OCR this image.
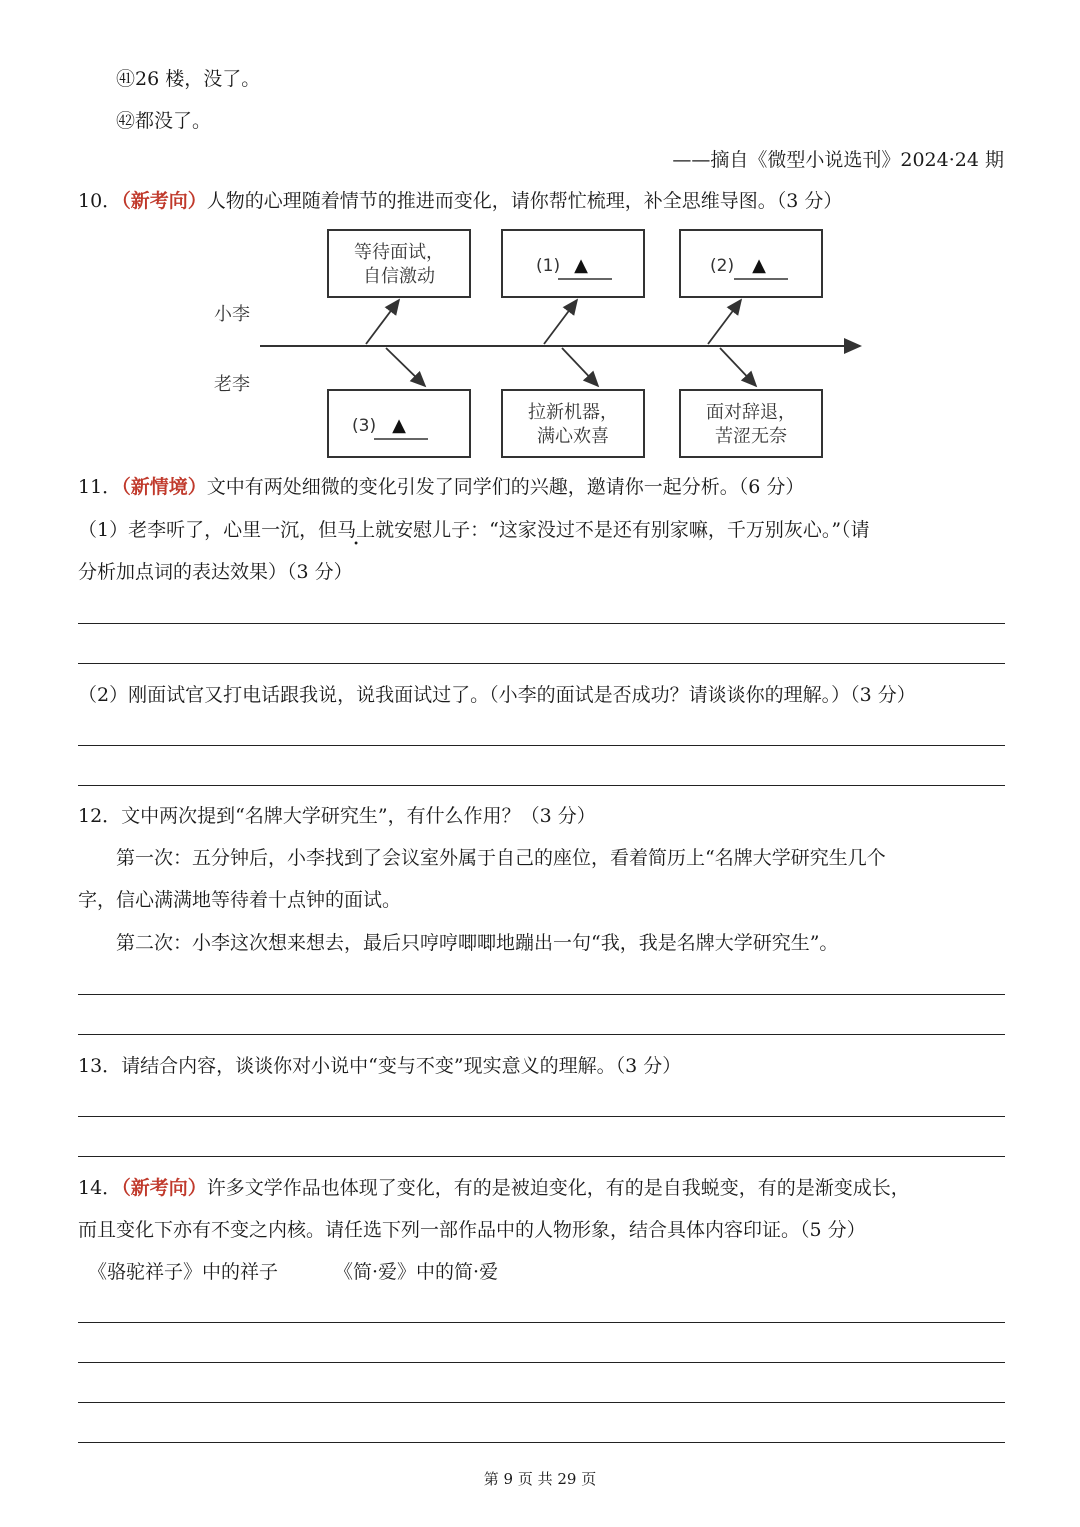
㊶26 楼，没了。
㊷都没了。
——摘自《微型小说选刊》2024·24 期
10．（新考向）人物的心理随着情节的推进而变化，请你帮忙梳理，补全思维导图。（3 分）
小李
老李
等待面试，
自信激动	(1) ▲	(2) ▲
(3) ▲
拉新机器，
满心欢喜
面对辞退，
苦涩无奈
11．（新情境）文中有两处细微的变化引发了同学们的兴趣，邀请你一起分析。（6 分）
（1）老李听了，心里一沉，但马上就安慰儿子：“这家没过不是还有别家嘛，千万别灰心。”（请
分析加点词的表达效果）（3 分）
（2）刚面试官又打电话跟我说，说我面试过了。（小李的面试是否成功？请谈谈你的理解。）（3 分）
12．文中两次提到“名牌大学研究生”，有什么作用？（3 分）
第一次：五分钟后，小李找到了会议室外属于自己的座位，看着简历上“名牌大学研究生几个
字，信心满满地等待着十点钟的面试。
第二次：小李这次想来想去，最后只哼哼唧唧地蹦出一句“我，我是名牌大学研究生”。
13．请结合内容，谈谈你对小说中“变与不变”现实意义的理解。（3 分）
14．（新考向）许多文学作品也体现了变化，有的是被迫变化，有的是自我蜕变，有的是渐变成长，
而且变化下亦有不变之内核。请任选下列一部作品中的人物形象，结合具体内容印证。（5 分）
《骆驼祥子》中的祥子	《简·爱》中的简·爱
第 9 页 共 29 页
